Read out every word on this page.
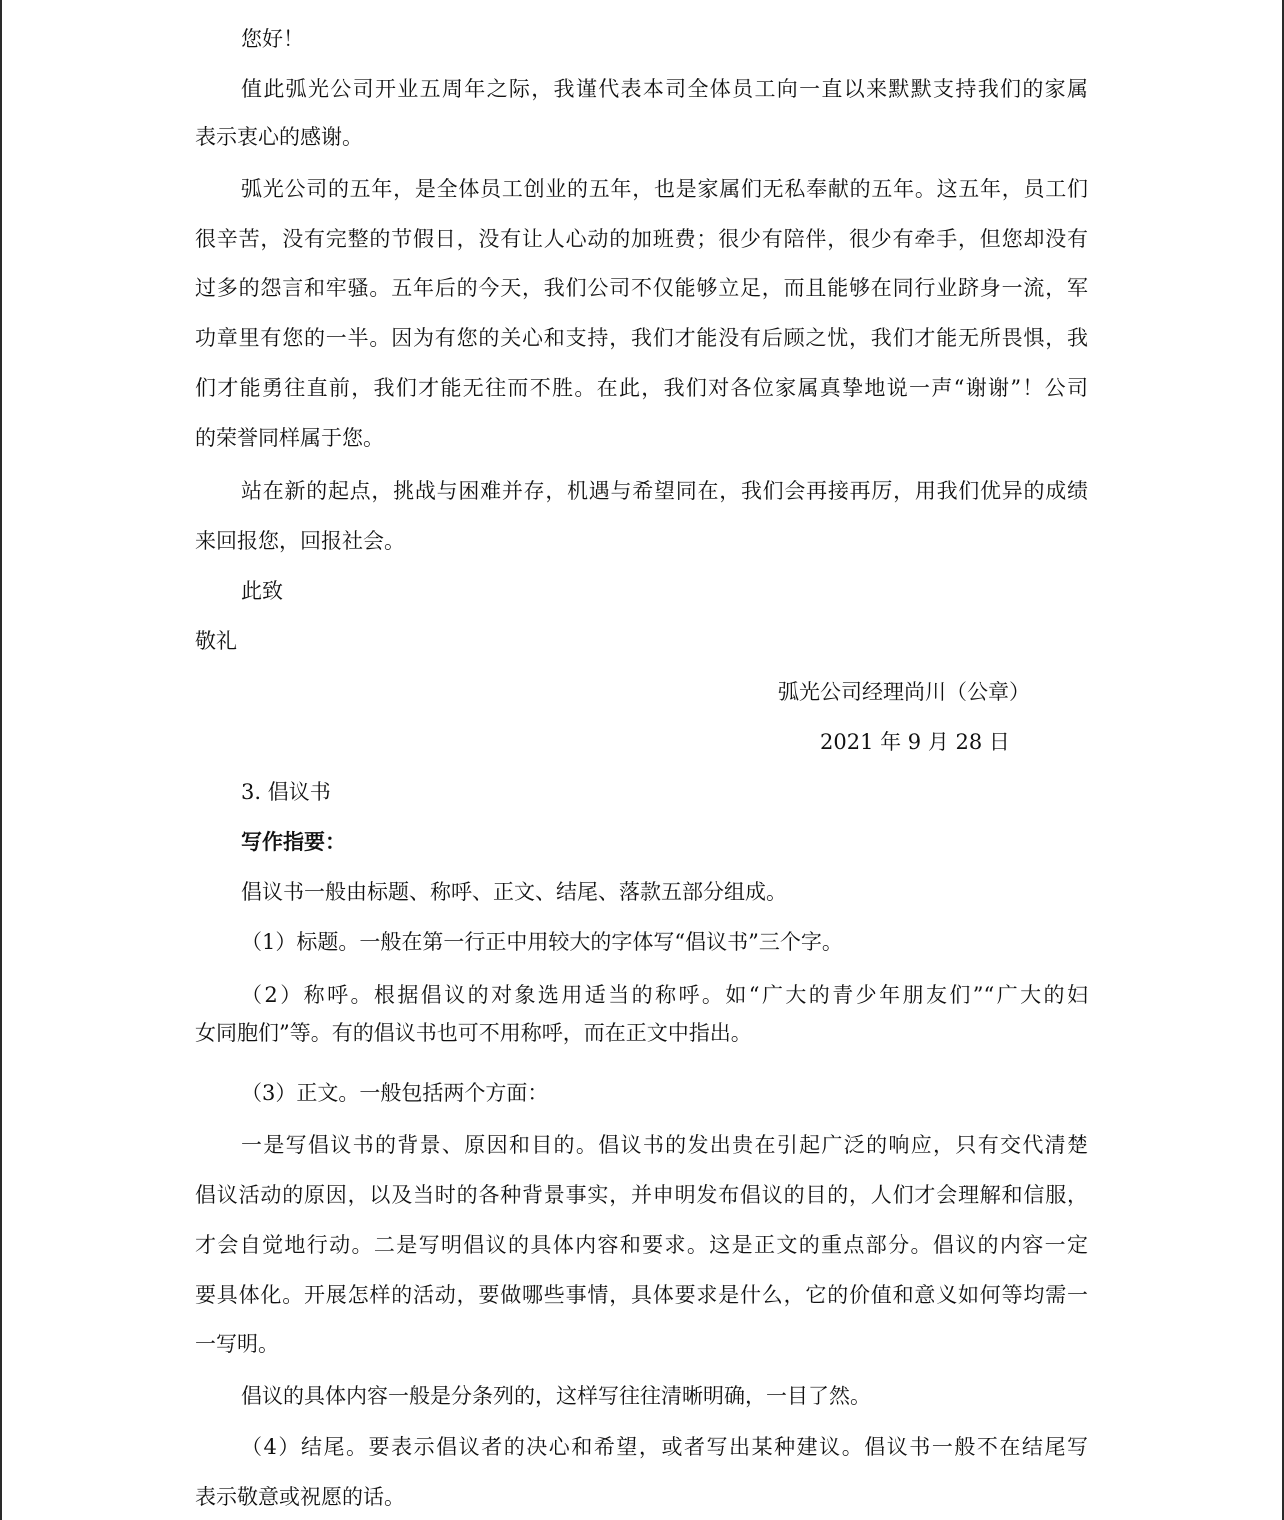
您好！
值此弧光公司开业五周年之际，我谨代表本司全体员工向一直以来默默支持我们的家属
表示衷心的感谢。
弧光公司的五年，是全体员工创业的五年，也是家属们无私奉献的五年。这五年，员工们
很辛苦，没有完整的节假日，没有让人心动的加班费；很少有陪伴，很少有牵手，但您却没有
过多的怨言和牢骚。五年后的今天，我们公司不仅能够立足，而且能够在同行业跻身一流，军
功章里有您的一半。因为有您的关心和支持，我们才能没有后顾之忧，我们才能无所畏惧，我
们才能勇往直前，我们才能无往而不胜。在此，我们对各位家属真挚地说一声“谢谢”！公司
的荣誉同样属于您。
站在新的起点，挑战与困难并存，机遇与希望同在，我们会再接再厉，用我们优异的成绩
来回报您，回报社会。
此致
敬礼
弧光公司经理尚川（公章）
2021 年 9 月 28 日
3. 倡议书
写作指要：
倡议书一般由标题、称呼、正文、结尾、落款五部分组成。
（1）标题。一般在第一行正中用较大的字体写“倡议书”三个字。
（2）称呼。根据倡议的对象选用适当的称呼。如“广大的青少年朋友们”“广大的妇
女同胞们”等。有的倡议书也可不用称呼，而在正文中指出。
（3）正文。一般包括两个方面：
一是写倡议书的背景、原因和目的。倡议书的发出贵在引起广泛的响应，只有交代清楚
倡议活动的原因，以及当时的各种背景事实，并申明发布倡议的目的，人们才会理解和信服，
才会自觉地行动。二是写明倡议的具体内容和要求。这是正文的重点部分。倡议的内容一定
要具体化。开展怎样的活动，要做哪些事情，具体要求是什么，它的价值和意义如何等均需一
一写明。
倡议的具体内容一般是分条列的，这样写往往清晰明确，一目了然。
（4）结尾。要表示倡议者的决心和希望，或者写出某种建议。倡议书一般不在结尾写
表示敬意或祝愿的话。
